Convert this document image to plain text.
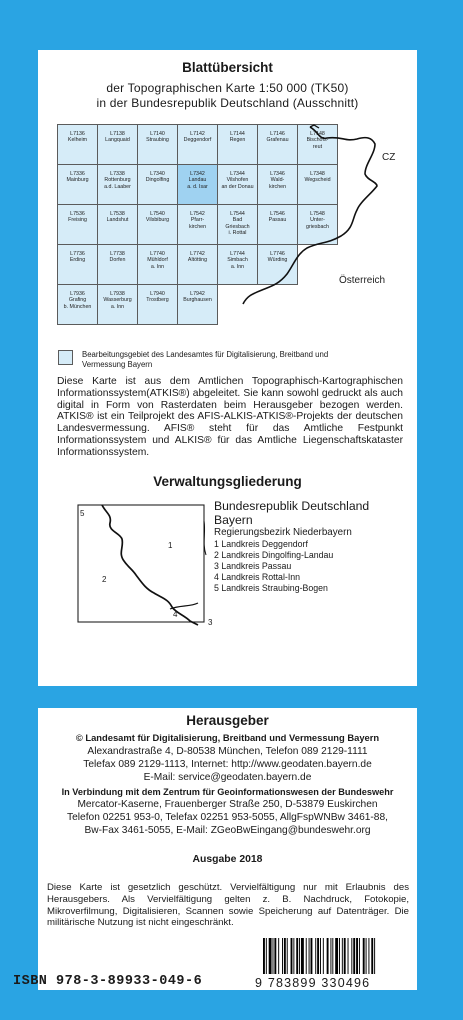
Blattübersicht
der Topographischen Karte 1:50 000 (TK50)
in der Bundesrepublik Deutschland (Ausschnitt)
L7942
Burghausen
L7940
Trostberg
L7938
Wasserburg
a. Inn
L7936
Grafing
b. München
L7746
Würding
L7744
Simbach
a. Inn
L7742
Altötting
L7740
Mühldorf
a. Inn
L7738
Dorfen
L7736
Erding
L7548
Unter-
griesbach
L7546
Passau
L7544
Bad
Griesbach
i. Rottal
L7542
Pfarr-
kirchen
L7540
Vilsbiburg
L7538
Landshut
L7536
Freising
L7348
Wegscheid
L7346
Wald-
kirchen
L7344
Vilshofen
an der Donau
L7342
Landau
a. d. Isar
L7340
Dingolfing
L7338
Rottenburg
a.d. Laaber
L7336
Mainburg
L7148
Bischofs-
reut
L7146
Grafenau
L7144
Regen
L7142
Deggendorf
L7140
Straubing
L7138
Langquaid
L7136
Kelheim
CZ
Österreich
Bearbeitungsgebiet des Landesamtes für Digitalisierung, Breitband und
Vermessung Bayern
Diese Karte ist aus dem Amtlichen Topographisch-Kartographischen Informationssystem(ATKIS®) abgeleitet. Sie kann sowohl gedruckt als auch digital in Form von Rasterdaten beim Herausgeber bezogen werden. ATKIS® ist ein Teilprojekt des AFIS-ALKIS-ATKIS®-Projekts der deutschen Landesvermessung. AFIS® steht für das Amtliche Festpunkt Informationssystem und ALKIS® für das Amtliche Liegenschaftskataster Informationssystem.
Verwaltungsgliederung
5
1
2
4
3
Bundesrepublik Deutschland
Bayern
Regierungsbezirk Niederbayern
1 Landkreis Deggendorf
2 Landkreis Dingolfing-Landau
3 Landkreis Passau
4 Landkreis Rottal-Inn
5 Landkreis Straubing-Bogen
Herausgeber
© Landesamt für Digitalisierung, Breitband und Vermessung Bayern
Alexandrastraße 4, D-80538 München, Telefon 089 2129-1111
Telefax 089 2129-1113, Internet: http://www.geodaten.bayern.de
E-Mail: service@geodaten.bayern.de
In Verbindung mit dem Zentrum für Geoinformationswesen der Bundeswehr
Mercator-Kaserne, Frauenberger Straße 250, D-53879 Euskirchen
Telefon 02251 953-0, Telefax 02251 953-5055, AllgFspWNBw 3461-88,
Bw-Fax 3461-5055, E-Mail: ZGeoBwEingang@bundeswehr.org
Ausgabe 2018
Diese Karte ist gesetzlich geschützt. Vervielfältigung nur mit Erlaubnis des Herausgebers. Als Vervielfältigung gelten z. B. Nachdruck, Fotokopie, Mikroverfilmung, Digitalisieren, Scannen sowie Speicherung auf Datenträger. Die militärische Nutzung ist nicht eingeschränkt.
ISBN 978-3-89933-049-6	9 783899 330496
